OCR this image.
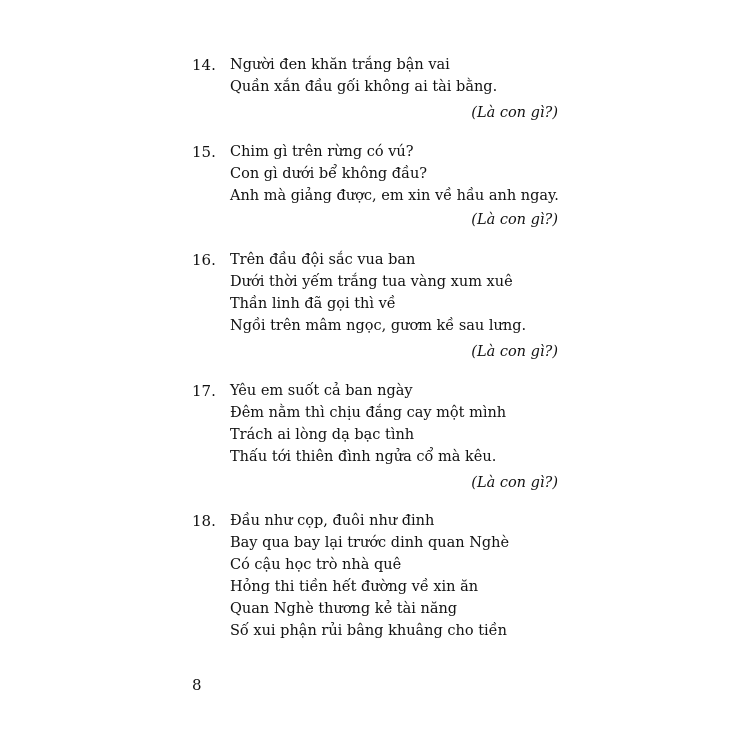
14. Người đen khăn trắng bận vai
Quần xắn đầu gối không ai tài bằng.
(Là con gì?)
15. Chim gì trên rừng có vú?
Con gì dưới bể không đầu?
Anh mà giảng được, em xin về hầu anh ngay.
(Là con gì?)
16. Trên đầu đội sắc vua ban
Dưới thời yếm trắng tua vàng xum xuê
Thần linh đã gọi thì về
Ngồi trên mâm ngọc, gươm kề sau lưng.
(Là con gì?)
17. Yêu em suốt cả ban ngày
Đêm nằm thì chịu đắng cay một mình
Trách ai lòng dạ bạc tình
Thấu tới thiên đình ngửa cổ mà kêu.
(Là con gì?)
18. Đầu như cọp, đuôi như đinh
Bay qua bay lại trước dinh quan Nghè
Có cậu học trò nhà quê
Hỏng thi tiền hết đường về xin ăn
Quan Nghè thương kẻ tài năng
Số xui phận rủi bâng khuâng cho tiền
8
